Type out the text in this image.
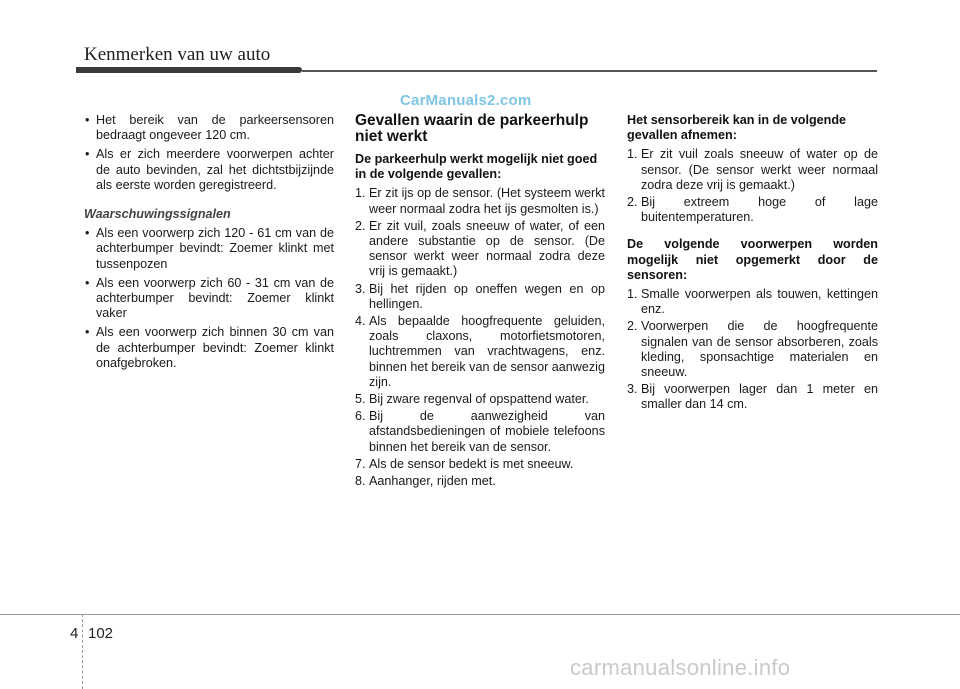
Kenmerken van uw auto
CarManuals2.com
• Het bereik van de parkeersensoren bedraagt ongeveer 120 cm.
• Als er zich meerdere voorwerpen achter de auto bevinden, zal het dichtstbijzijnde als eerste worden geregistreerd.
Waarschuwingssignalen
• Als een voorwerp zich 120 - 61 cm van de achterbumper bevindt: Zoemer klinkt met tussenpozen
• Als een voorwerp zich 60 - 31 cm van de achterbumper bevindt: Zoemer klinkt vaker
• Als een voorwerp zich binnen 30 cm van de achterbumper bevindt: Zoemer klinkt onafgebroken.
Gevallen waarin de parkeerhulp niet werkt
De parkeerhulp werkt mogelijk niet goed in de volgende gevallen:
1. Er zit ijs op de sensor. (Het systeem werkt weer normaal zodra het ijs gesmolten is.)
2. Er zit vuil, zoals sneeuw of water, of een andere substantie op de sensor. (De sensor werkt weer normaal zodra deze vrij is gemaakt.)
3. Bij het rijden op oneffen wegen en op hellingen.
4. Als bepaalde hoogfrequente geluiden, zoals claxons, motorfietsmotoren, luchtremmen van vrachtwagens, enz. binnen het bereik van de sensor aanwezig zijn.
5. Bij zware regenval of opspattend water.
6. Bij de aanwezigheid van afstandsbedieningen of mobiele telefoons binnen het bereik van de sensor.
7. Als de sensor bedekt is met sneeuw.
8. Aanhanger, rijden met.
Het sensorbereik kan in de volgende gevallen afnemen:
1. Er zit vuil zoals sneeuw of water op de sensor. (De sensor werkt weer normaal zodra deze vrij is gemaakt.)
2. Bij extreem hoge of lage buitentemperaturen.
De volgende voorwerpen worden mogelijk niet opgemerkt door de sensoren:
1. Smalle voorwerpen als touwen, kettingen enz.
2. Voorwerpen die de hoogfrequente signalen van de sensor absorberen, zoals kleding, sponsachtige materialen en sneeuw.
3. Bij voorwerpen lager dan 1 meter en smaller dan 14 cm.
4 102
carmanualsonline.info
